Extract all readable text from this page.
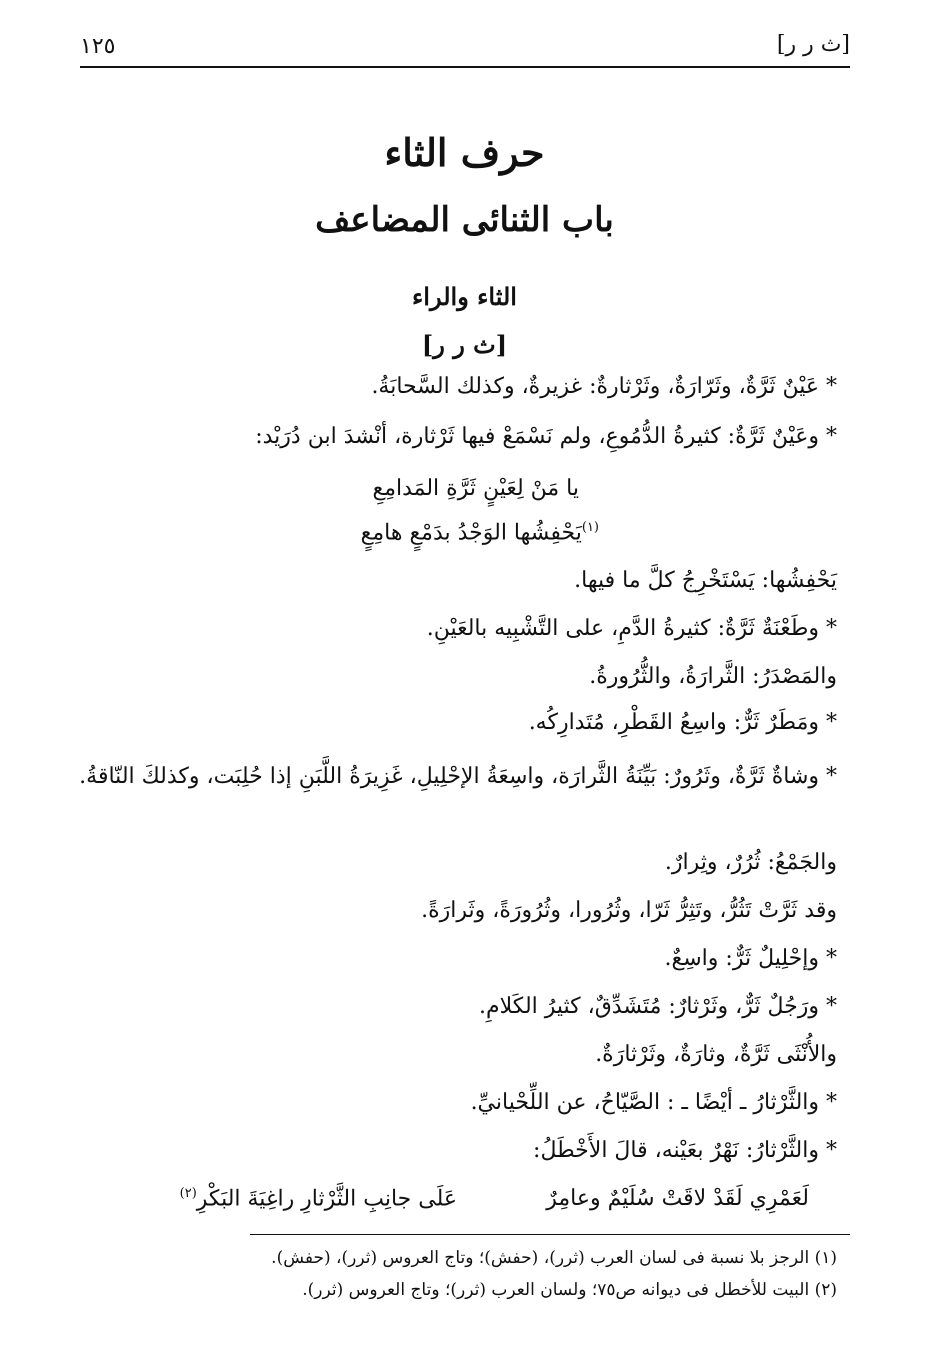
١٢٥	[ث ر ر]
حرف الثاء
باب الثنائى المضاعف
الثاء والراء
[ث ر ر]
* عَيْنٌ ثَرَّةٌ، وثَرّارَةٌ، وثَرْثارةٌ: غزيرةٌ، وكذلك السَّحابَةُ.
* وعَيْنٌ ثَرَّةٌ: كثيرةُ الدُّمُوعِ، ولم نَسْمَعْ فيها ثَرْثارة، أنْشدَ ابن دُرَيْد:
يا مَنْ لِعَيْنٍ ثَرَّةِ المَدامِعِ
$^{(١)}$يَحْفِشُها الوَجْدُ بدَمْعٍ هامِعٍ
يَحْفِشُها: يَسْتَخْرِجُ كلَّ ما فيها.
* وطَعْنَةٌ ثَرَّةٌ: كثيرةُ الدَّمِ، على التَّشْبِيه بالعَيْنِ.
والمَصْدَرُ: الثَّرارَةُ، والثُّرُورةُ.
* ومَطَرٌ ثَرٌّ: واسِعُ القَطْرِ، مُتَدارِكُه.
* وشاةٌ ثَرَّةٌ، وثَرُورٌ: بَيِّنَةُ الثَّرارَة، واسِعَةُ الإحْلِيلِ، غَزِيرَةُ اللَّبَنِ إذا حُلِبَت، وكذلكَ النّاقةُ.
والجَمْعُ: ثُرُرٌ، وثِرارٌ.
وقد ثَرَّتْ تَثُرُّ، وتَثِرُّ ثَرّا، وثُرُورا، وثُرُورَةً، وثَرارَةً.
* وإحْلِيلٌ ثَرٌّ: واسِعٌ.
* ورَجُلٌ ثَرٌّ، وثَرْثارٌ: مُتَشَدِّقٌ، كثيرُ الكَلامِ.
والأُنْثَى ثَرَّةٌ، وثارَةٌ، وثَرْثارَةٌ.
* والثَّرْثارُ ـ أيْضًا ـ : الصَّيّاحُ، عن اللِّحْيانيِّ.
* والثَّرْثارُ: نَهْرٌ بعَيْنه، قالَ الأَخْطَلُ:
لَعَمْرِي لَقَدْ لاقَتْ سُلَيْمٌ وعامِرٌ
عَلَى جانِبِ الثَّرْثارِ راغِيَةَ البَكْرِ$^{(٢)}$
(١) الرجز بلا نسبة فى لسان العرب (ثرر)، (حفش)؛ وتاج العروس (ثرر)، (حفش).
(٢) البيت للأخطل فى ديوانه ص٧٥؛ ولسان العرب (ثرر)؛ وتاج العروس (ثرر).
